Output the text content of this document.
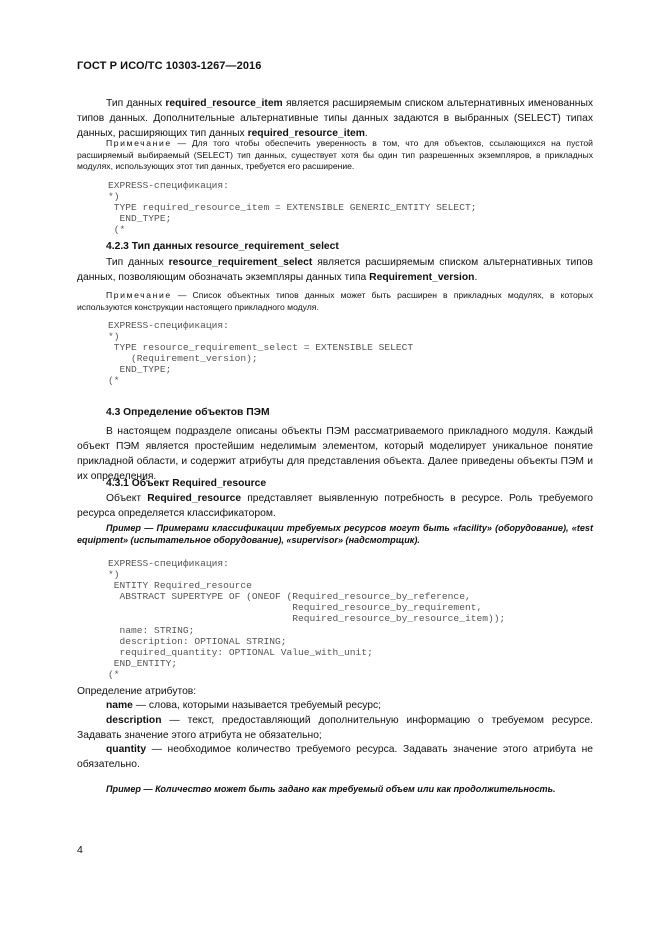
ГОСТ Р ИСО/ТС 10303-1267—2016
Тип данных required_resource_item является расширяемым списком альтернативных именованных типов данных. Дополнительные альтернативные типы данных задаются в выбранных (SELECT) типах данных, расширяющих тип данных required_resource_item.
Примечание — Для того чтобы обеспечить уверенность в том, что для объектов, ссылающихся на пустой расширяемый выбираемый (SELECT) тип данных, существует хотя бы один тип разрешенных экземпляров, в прикладных модулях, использующих этот тип данных, требуется его расширение.
EXPRESS-спецификация:
*)
TYPE required_resource_item = EXTENSIBLE GENERIC_ENTITY SELECT;
END_TYPE;
(*
4.2.3 Тип данных resource_requirement_select
Тип данных resource_requirement_select является расширяемым списком альтернативных типов данных, позволяющим обозначать экземпляры данных типа Requirement_version.
Примечание — Список объектных типов данных может быть расширен в прикладных модулях, в которых используются конструкции настоящего прикладного модуля.
EXPRESS-спецификация:
*)
TYPE resource_requirement_select = EXTENSIBLE SELECT
(Requirement_version);
END_TYPE;
(*
4.3 Определение объектов ПЭМ
В настоящем подразделе описаны объекты ПЭМ рассматриваемого прикладного модуля. Каждый объект ПЭМ является простейшим неделимым элементом, который моделирует уникальное понятие прикладной области, и содержит атрибуты для представления объекта. Далее приведены объекты ПЭМ и их определения.
4.3.1 Объект Required_resource
Объект Required_resource представляет выявленную потребность в ресурсе. Роль требуемого ресурса определяется классификатором.
Пример — Примерами классификации требуемых ресурсов могут быть «facility» (оборудование), «test equipment» (испытательное оборудование), «supervisor» (надсмотрщик).
EXPRESS-спецификация:
*)
ENTITY Required_resource
ABSTRACT SUPERTYPE OF (ONEOF (Required_resource_by_reference,
Required_resource_by_requirement,
Required_resource_by_resource_item));
name: STRING;
description: OPTIONAL STRING;
required_quantity: OPTIONAL Value_with_unit;
END_ENTITY;
(*
Определение атрибутов:
name — слова, которыми называется требуемый ресурс;
description — текст, предоставляющий дополнительную информацию о требуемом ресурсе. Задавать значение этого атрибута не обязательно;
quantity — необходимое количество требуемого ресурса. Задавать значение этого атрибута не обязательно.
Пример — Количество может быть задано как требуемый объем или как продолжительность.
4
